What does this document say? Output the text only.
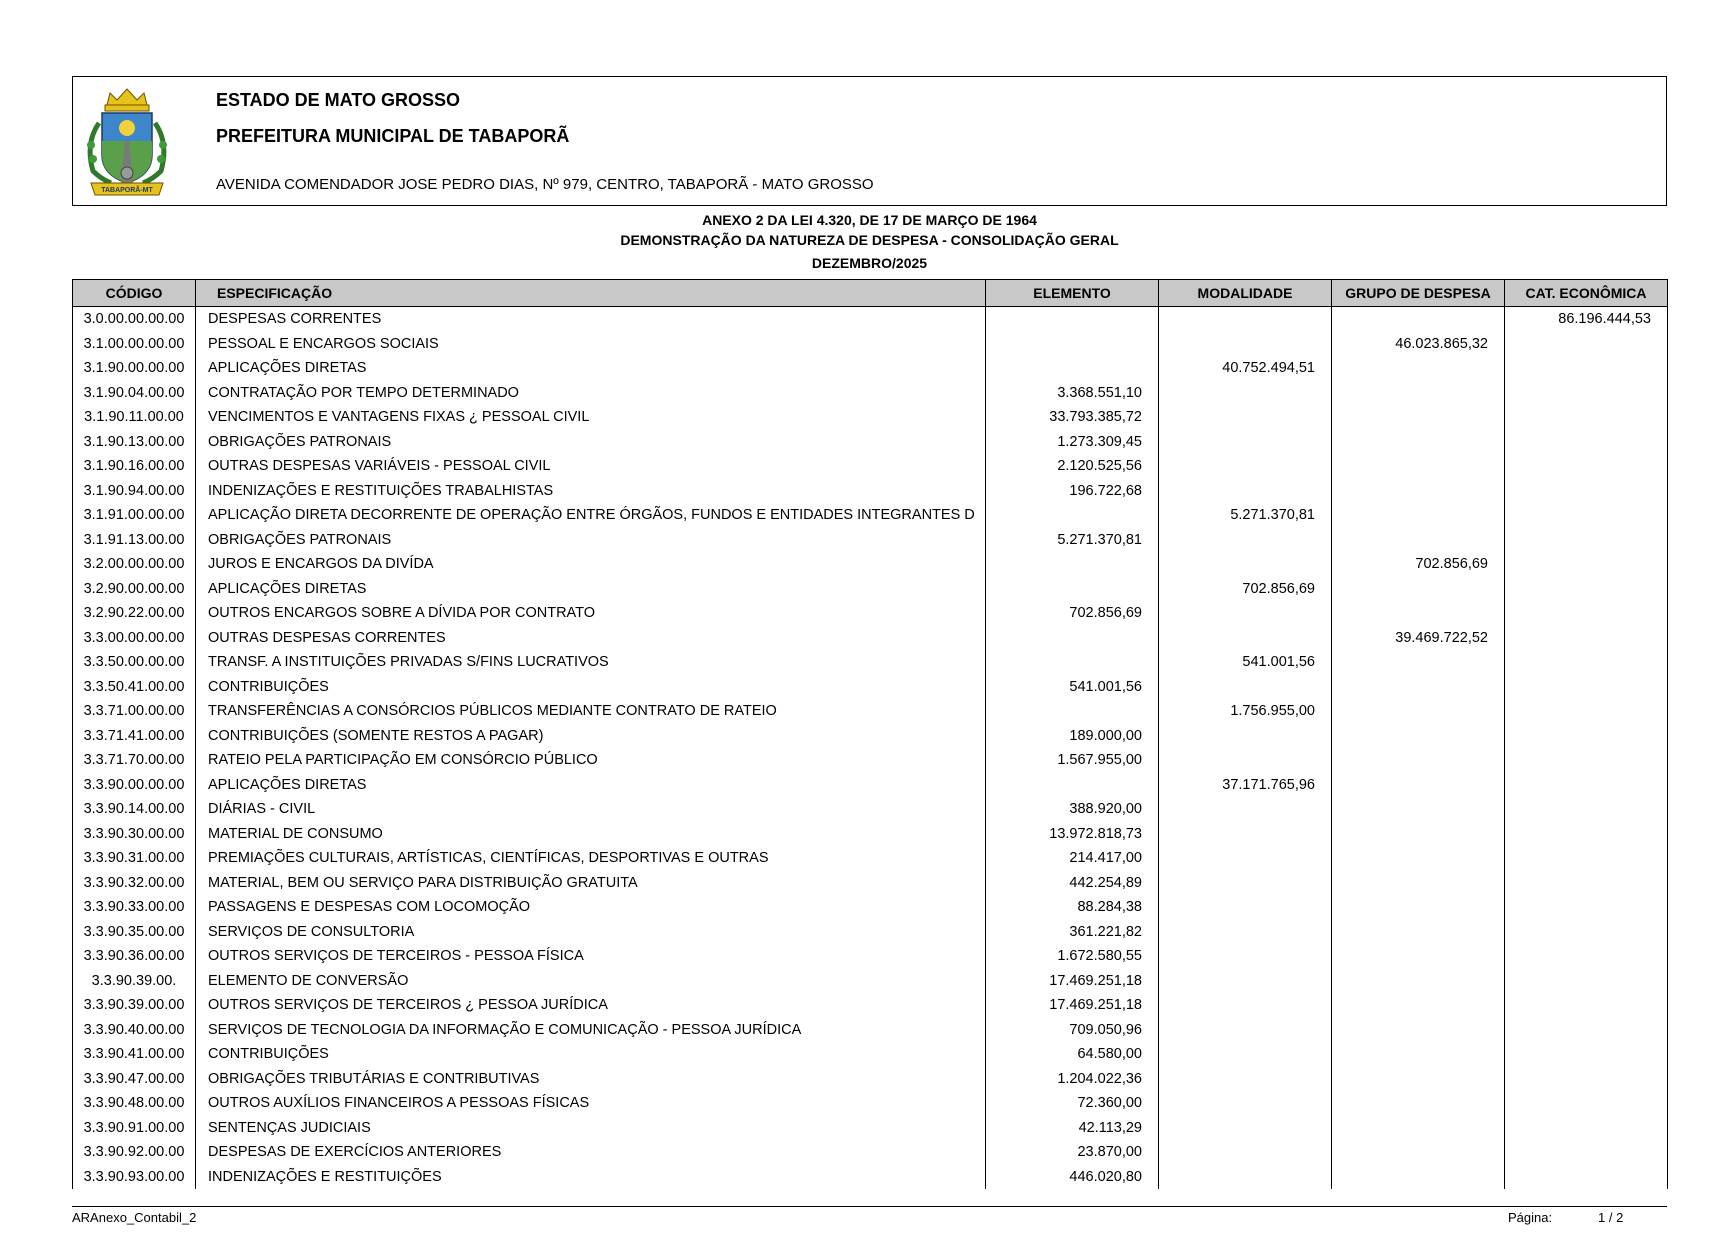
TABAPORÃ-MT
ESTADO DE MATO GROSSO
PREFEITURA MUNICIPAL DE TABAPORÃ
AVENIDA COMENDADOR JOSE PEDRO DIAS, Nº 979, CENTRO, TABAPORÃ - MATO GROSSO
ANEXO 2 DA LEI 4.320, DE 17 DE MARÇO DE 1964
DEMONSTRAÇÃO DA NATUREZA DE DESPESA - CONSOLIDAÇÃO GERAL
DEZEMBRO/2025
CÓDIGO	ESPECIFICAÇÃO	ELEMENTO	MODALIDADE	GRUPO DE DESPESA	CAT. ECONÔMICA
3.0.00.00.00.00	DESPESAS CORRENTES				86.196.444,53
3.1.00.00.00.00	PESSOAL E ENCARGOS SOCIAIS			46.023.865,32	
3.1.90.00.00.00	APLICAÇÕES DIRETAS		40.752.494,51		
3.1.90.04.00.00	CONTRATAÇÃO POR TEMPO DETERMINADO	3.368.551,10			
3.1.90.11.00.00	VENCIMENTOS E VANTAGENS FIXAS ¿ PESSOAL CIVIL	33.793.385,72			
3.1.90.13.00.00	OBRIGAÇÕES PATRONAIS	1.273.309,45			
3.1.90.16.00.00	OUTRAS DESPESAS VARIÁVEIS - PESSOAL CIVIL	2.120.525,56			
3.1.90.94.00.00	INDENIZAÇÕES E RESTITUIÇÕES TRABALHISTAS	196.722,68			
3.1.91.00.00.00	APLICAÇÃO DIRETA DECORRENTE DE OPERAÇÃO ENTRE ÓRGÃOS, FUNDOS E ENTIDADES INTEGRANTES D		5.271.370,81		
3.1.91.13.00.00	OBRIGAÇÕES PATRONAIS	5.271.370,81			
3.2.00.00.00.00	JUROS E ENCARGOS DA DIVÍDA			702.856,69	
3.2.90.00.00.00	APLICAÇÕES DIRETAS		702.856,69		
3.2.90.22.00.00	OUTROS ENCARGOS SOBRE A DÍVIDA POR CONTRATO	702.856,69			
3.3.00.00.00.00	OUTRAS DESPESAS CORRENTES			39.469.722,52	
3.3.50.00.00.00	TRANSF. A INSTITUIÇÕES PRIVADAS S/FINS LUCRATIVOS		541.001,56		
3.3.50.41.00.00	CONTRIBUIÇÕES	541.001,56			
3.3.71.00.00.00	TRANSFERÊNCIAS A CONSÓRCIOS PÚBLICOS MEDIANTE CONTRATO DE RATEIO		1.756.955,00		
3.3.71.41.00.00	CONTRIBUIÇÕES (SOMENTE RESTOS A PAGAR)	189.000,00			
3.3.71.70.00.00	RATEIO PELA PARTICIPAÇÃO EM CONSÓRCIO PÚBLICO	1.567.955,00			
3.3.90.00.00.00	APLICAÇÕES DIRETAS		37.171.765,96		
3.3.90.14.00.00	DIÁRIAS - CIVIL	388.920,00			
3.3.90.30.00.00	MATERIAL DE CONSUMO	13.972.818,73			
3.3.90.31.00.00	PREMIAÇÕES CULTURAIS, ARTÍSTICAS, CIENTÍFICAS, DESPORTIVAS E OUTRAS	214.417,00			
3.3.90.32.00.00	MATERIAL, BEM OU SERVIÇO PARA DISTRIBUIÇÃO GRATUITA	442.254,89			
3.3.90.33.00.00	PASSAGENS E DESPESAS COM LOCOMOÇÃO	88.284,38			
3.3.90.35.00.00	SERVIÇOS DE CONSULTORIA	361.221,82			
3.3.90.36.00.00	OUTROS SERVIÇOS DE TERCEIROS - PESSOA FÍSICA	1.672.580,55			
3.3.90.39.00.	ELEMENTO DE CONVERSÃO	17.469.251,18			
3.3.90.39.00.00	OUTROS SERVIÇOS DE TERCEIROS ¿ PESSOA JURÍDICA	17.469.251,18			
3.3.90.40.00.00	SERVIÇOS DE TECNOLOGIA DA INFORMAÇÃO E COMUNICAÇÃO - PESSOA JURÍDICA	709.050,96			
3.3.90.41.00.00	CONTRIBUIÇÕES	64.580,00			
3.3.90.47.00.00	OBRIGAÇÕES TRIBUTÁRIAS E CONTRIBUTIVAS	1.204.022,36			
3.3.90.48.00.00	OUTROS AUXÍLIOS FINANCEIROS A PESSOAS FÍSICAS	72.360,00			
3.3.90.91.00.00	SENTENÇAS JUDICIAIS	42.113,29			
3.3.90.92.00.00	DESPESAS DE EXERCÍCIOS ANTERIORES	23.870,00			
3.3.90.93.00.00	INDENIZAÇÕES E RESTITUIÇÕES	446.020,80			
ARAnexo_Contabil_2	Página:	1 / 2
